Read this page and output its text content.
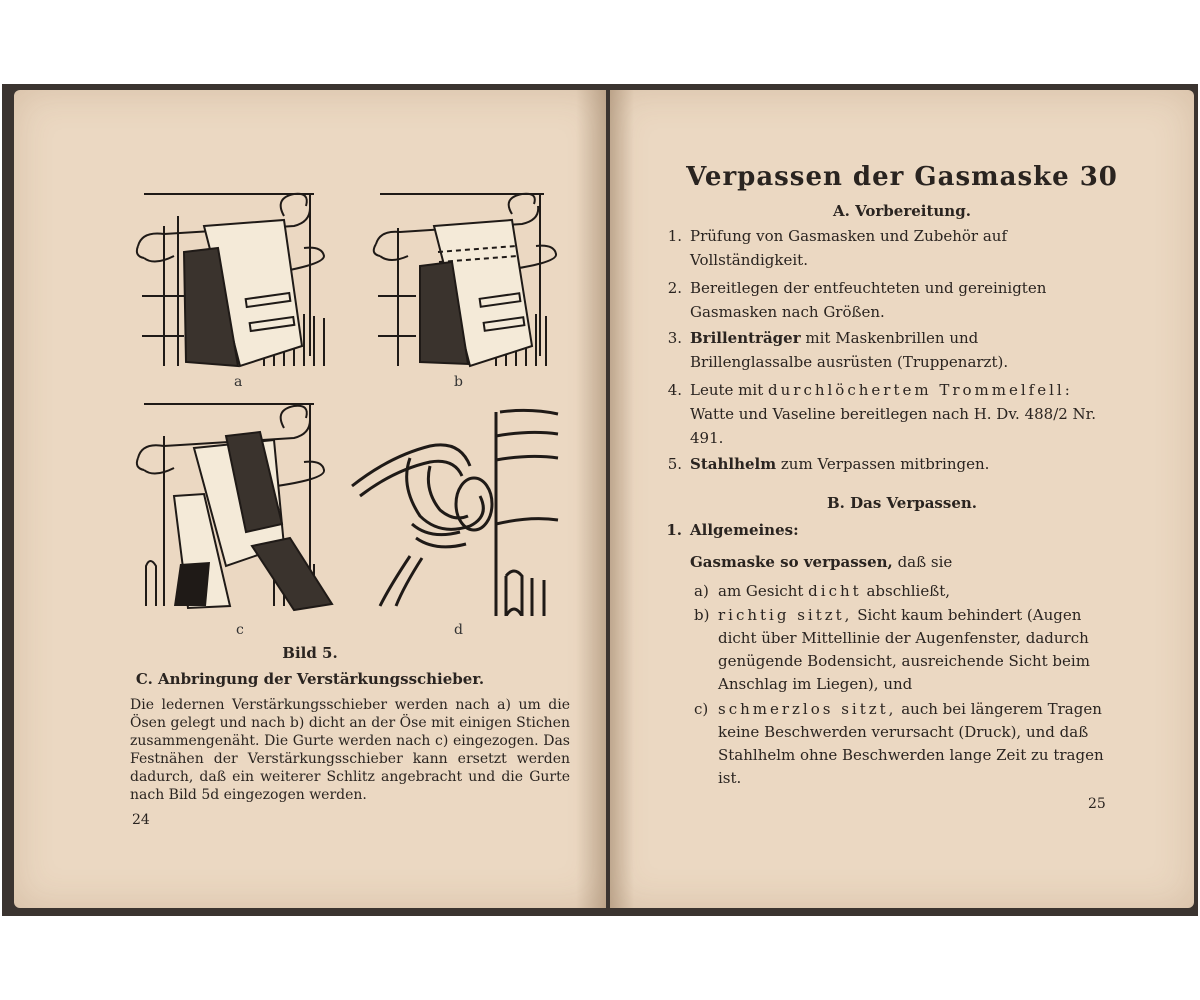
a	b
c	d
Bild 5.
C. Anbringung der Verstärkungsschieber.
Die ledernen Verstärkungsschieber werden nach a) um die Ösen gelegt und nach b) dicht an der Öse mit einigen Stichen zusammengenäht. Die Gurte werden nach c) eingezogen. Das Festnähen der Verstärkungsschieber kann ersetzt werden dadurch, daß ein weiterer Schlitz angebracht und die Gurte nach Bild 5d eingezogen werden.
24
Verpassen der Gasmaske 30
A. Vorbereitung.
1. Prüfung von Gasmasken und Zubehör auf Vollständigkeit.
2. Bereitlegen der entfeuchteten und gereinigten Gasmasken nach Größen.
3. Brillenträger mit Maskenbrillen und Brillenglassalbe ausrüsten (Truppenarzt).
4. Leute mit durchlöchertem Trommelfell: Watte und Vaseline bereitlegen nach H. Dv. 488/2 Nr. 491.
5. Stahlhelm zum Verpassen mitbringen.
B. Das Verpassen.
1. Allgemeines:
Gasmaske so verpassen, daß sie
a) am Gesicht dicht abschließt,
b) richtig sitzt, Sicht kaum behindert (Augen dicht über Mittellinie der Augenfenster, dadurch genügende Bodensicht, ausreichende Sicht beim Anschlag im Liegen), und
c) schmerzlos sitzt, auch bei längerem Tragen keine Beschwerden verursacht (Druck), und daß Stahlhelm ohne Beschwerden lange Zeit zu tragen ist.
25
